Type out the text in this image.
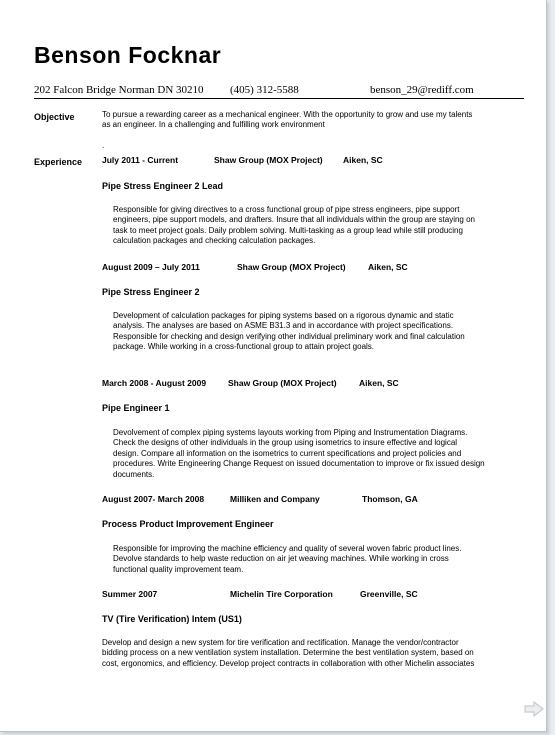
Benson Focknar
202 Falcon Bridge Norman DN 30210 (405) 312-5588	benson_29@rediff.com

Objective	To pursue a rewarding career as a mechanical engineer. With the opportunity to grow and use my talents as an engineer. In a challenging and fulfilling work environment
.
Experience July 2011 - Current	Shaw Group (MOX Project) Aiken, SC
Pipe Stress Engineer 2 Lead
Responsible for giving directives to a cross functional group of pipe stress engineers, pipe support engineers, pipe support models, and drafters. Insure that all individuals within the group are staying on task to meet project goals. Daily problem solving. Multi-tasking as a group lead while still producing calculation packages and checking calculation packages.
August 2009 – July 2011	Shaw Group (MOX Project)	Aiken, SC
Pipe Stress Engineer 2
Development of calculation packages for piping systems based on a rigorous dynamic and static analysis. The analyses are based on ASME B31.3 and in accordance with project specifications. Responsible for checking and design verifying other individual preliminary work and final calculation package. While working in a cross-functional group to attain project goals.
March 2008 - August 2009	Shaw Group (MOX Project)	Aiken, SC
Pipe Engineer 1
Devolvement of complex piping systems layouts working from Piping and Instrumentation Diagrams. Check the designs of other individuals in the group using isometrics to insure effective and logical design. Compare all information on the isometrics to current specifications and project policies and procedures. Write Engineering Change Request on issued documentation to improve or fix issued design documents.
August 2007- March 2008	Milliken and Company	Thomson, GA
Process Product Improvement Engineer
Responsible for improving the machine efficiency and quality of several woven fabric product lines. Devolve standards to help waste reduction on air jet weaving machines. While working in cross functional quality improvement team.
Summer 2007	Michelin Tire Corporation	Greenville, SC
TV (Tire Verification) Intem (US1)
Develop and design a new system for tire verification and rectification. Manage the vendor/contractor bidding process on a new ventilation system installation. Determine the best ventilation system, based on cost, ergonomics, and efficiency. Develop project contracts in collaboration with other Michelin associates
